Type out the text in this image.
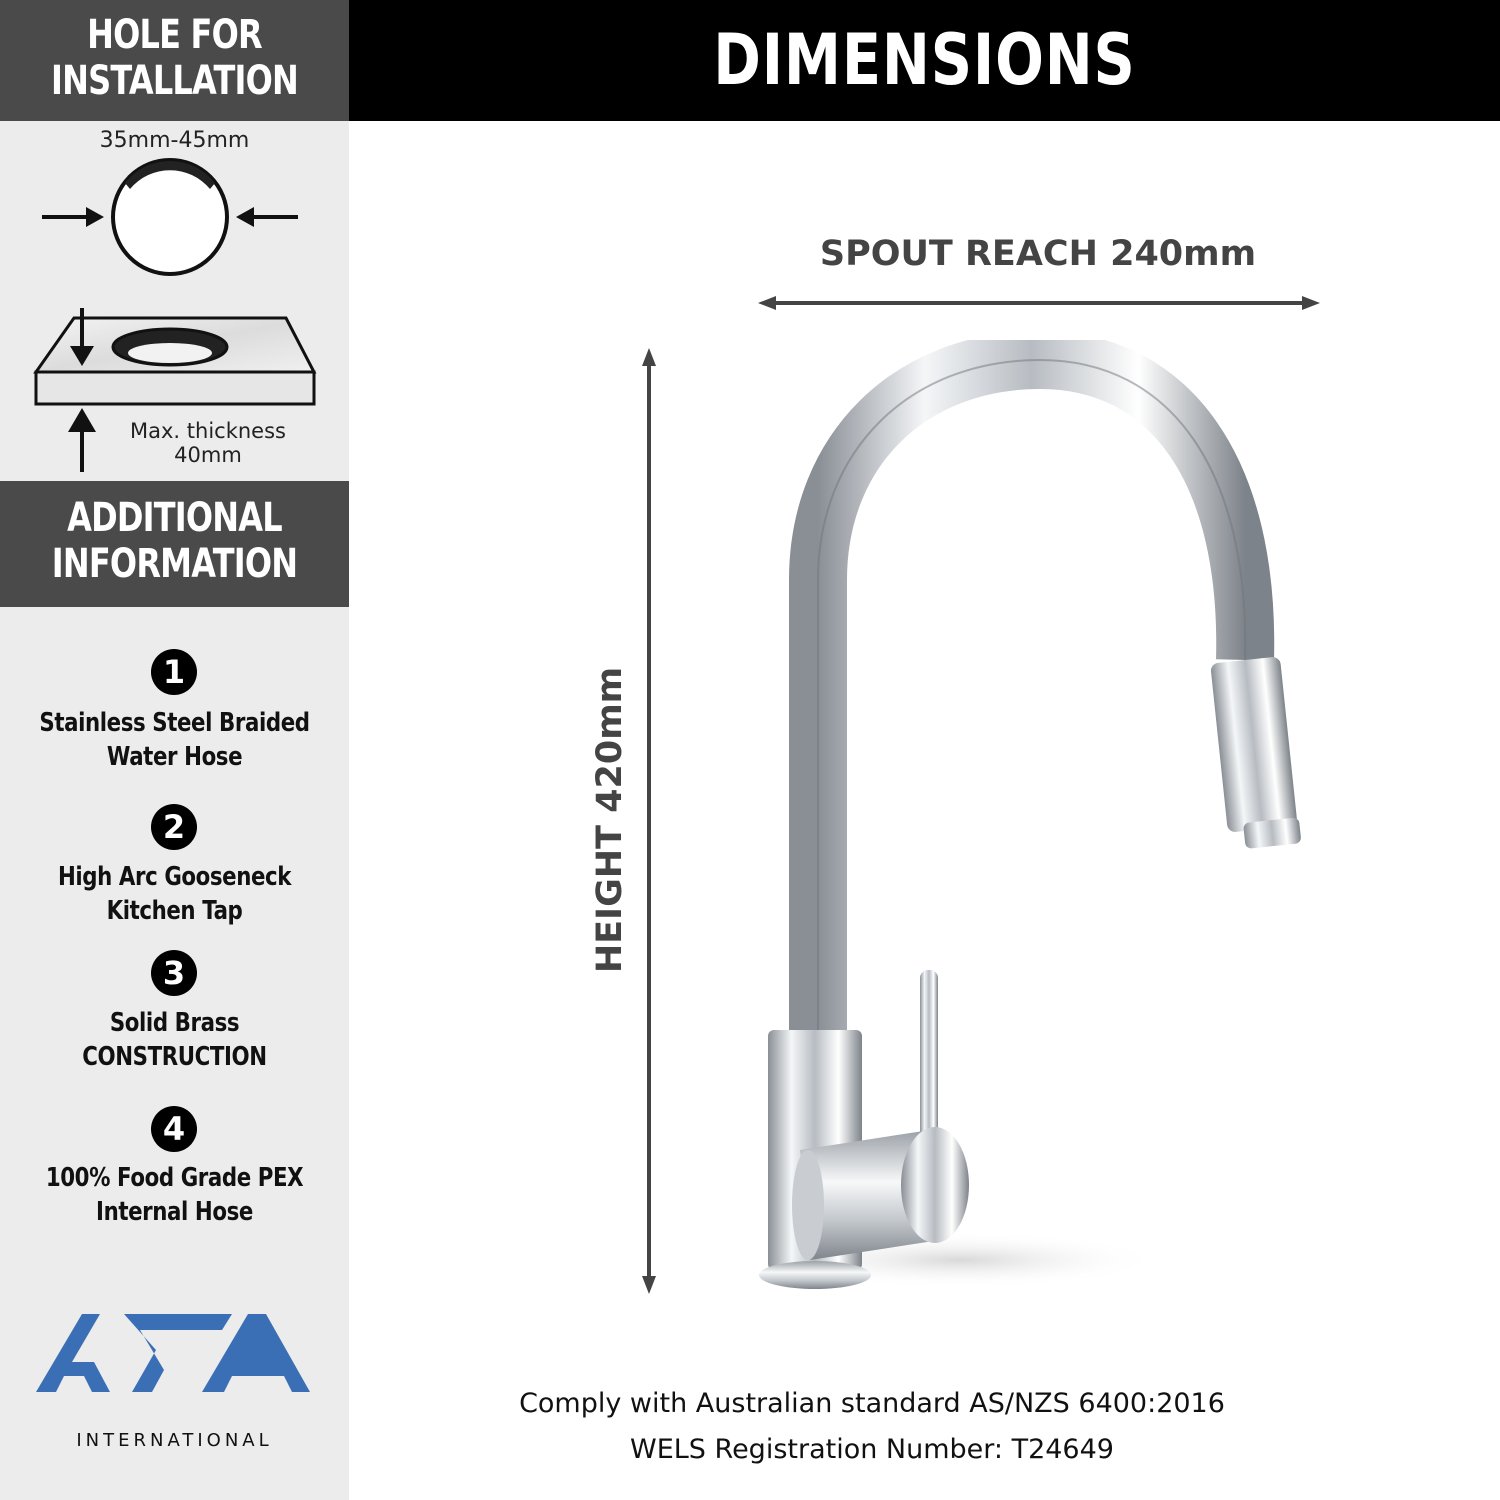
HOLE FOR
INSTALLATION
35mm-45mm
Max. thickness
40mm
ADDITIONAL
INFORMATION
1
Stainless Steel Braided
Water Hose
2
High Arc Gooseneck
Kitchen Tap
3
Solid Brass
CONSTRUCTION
4
100% Food Grade PEX
Internal Hose
INTERNATIONAL
DIMENSIONS
SPOUT REACH 240mm
HEIGHT 420mm
Comply with Australian standard AS/NZS 6400:2016
WELS Registration Number: T24649
